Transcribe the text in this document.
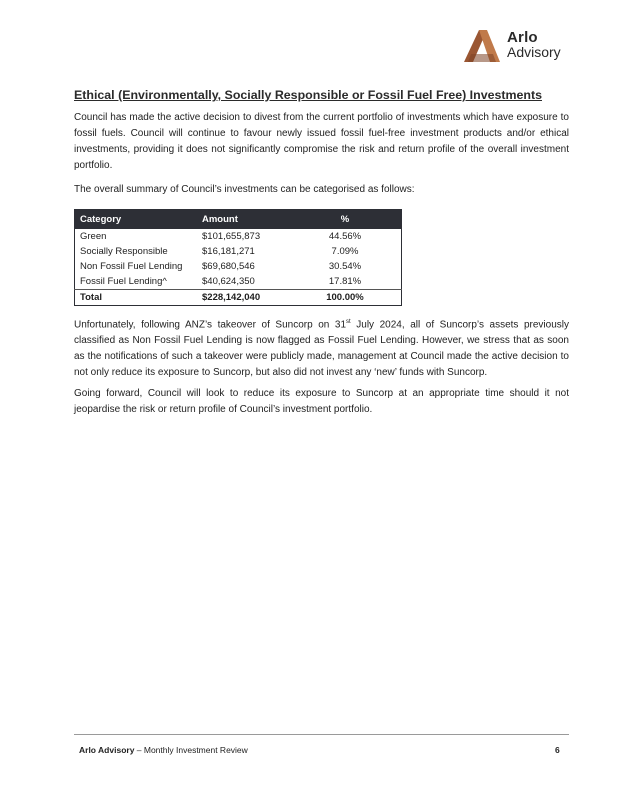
Arlo
Advisory
Ethical (Environmentally, Socially Responsible or Fossil Fuel Free) Investments
Council has made the active decision to divest from the current portfolio of investments which have exposure to fossil fuels. Council will continue to favour newly issued fossil fuel-free investment products and/or ethical investments, providing it does not significantly compromise the risk and return profile of the overall investment portfolio.
The overall summary of Council’s investments can be categorised as follows:
Category	Amount	%
Green	$101,655,873	44.56%
Socially Responsible	$16,181,271	7.09%
Non Fossil Fuel Lending	$69,680,546	30.54%
Fossil Fuel Lending^	$40,624,350	17.81%
Total	$228,142,040	100.00%
Unfortunately, following ANZ’s takeover of Suncorp on 31st July 2024, all of Suncorp’s assets previously classified as Non Fossil Fuel Lending is now flagged as Fossil Fuel Lending. However, we stress that as soon as the notifications of such a takeover were publicly made, management at Council made the active decision to not only reduce its exposure to Suncorp, but also did not invest any ‘new’ funds with Suncorp.
Going forward, Council will look to reduce its exposure to Suncorp at an appropriate time should it not jeopardise the risk or return profile of Council’s investment portfolio.
Arlo Advisory – Monthly Investment Review	6
